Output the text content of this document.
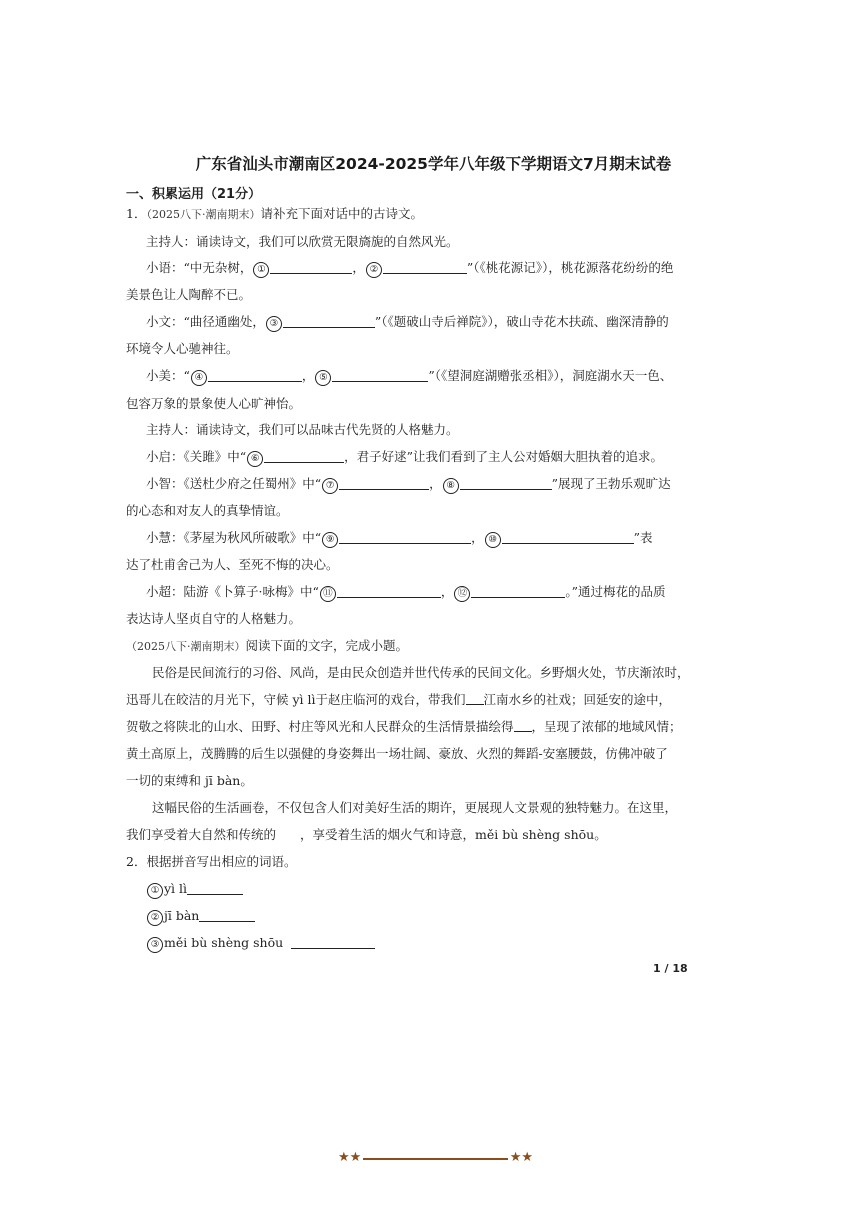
广东省汕头市潮南区2024-2025学年八年级下学期语文7月期末试卷
一、积累运用（21分）
1．（2025八下·潮南期末）请补充下面对话中的古诗文。
主持人：诵读诗文，我们可以欣赏无限旖旎的自然风光。
小语：“中无杂树， ①	， ②	”（《桃花源记》），桃花源落花纷纷的绝
美景色让人陶醉不已。
小文：“曲径通幽处， ③	”（《题破山寺后禅院》），破山寺花木扶疏、幽深清静的
环境令人心驰神往。
小美：“ ④	， ⑤	”（《望洞庭湖赠张丞相》），洞庭湖水天一色、
包容万象的景象使人心旷神怡。
主持人：诵读诗文，我们可以品味古代先贤的人格魅力。
小启：《关雎》中“ ⑥	，君子好逑”让我们看到了主人公对婚姻大胆执着的追求。
小智：《送杜少府之任蜀州》中“ ⑦	， ⑧	”展现了王勃乐观旷达
的心态和对友人的真挚情谊。
小慧：《茅屋为秋风所破歌》中“ ⑨	， ⑩	”表
达了杜甫舍己为人、至死不悔的决心。
小超：陆游《卜算子·咏梅》中“ ⑪	， ⑫	。”通过梅花的品质
表达诗人坚贞自守的人格魅力。
（2025八下·潮南期末）阅读下面的文字，完成小题。
民俗是民间流行的习俗、风尚，是由民众创造并世代传承的民间文化。乡野烟火处，节庆渐浓时，
迅哥儿在皎洁的月光下，守候 yì lì于赵庄临河的戏台，带我们 江南水乡的社戏；回延安的途中，
贺敬之将陕北的山水、田野、村庄等风光和人民群众的生活情景描绘得 ，呈现了浓郁的地域风情；
黄土高原上，茂腾腾的后生以强健的身姿舞出一场壮阔、豪放、火烈的舞蹈-安塞腰鼓，仿佛冲破了
一切的束缚和 jī bàn。
这幅民俗的生活画卷，不仅包含人们对美好生活的期许，更展现人文景观的独特魅力。在这里，
我们享受着大自然和传统的 ，享受着生活的烟火气和诗意，měi bù shèng shōu。
2．根据拼音写出相应的词语。
① yì lì
② jī bàn
③ měi bù shèng shōu
1 / 18
★★	★★
